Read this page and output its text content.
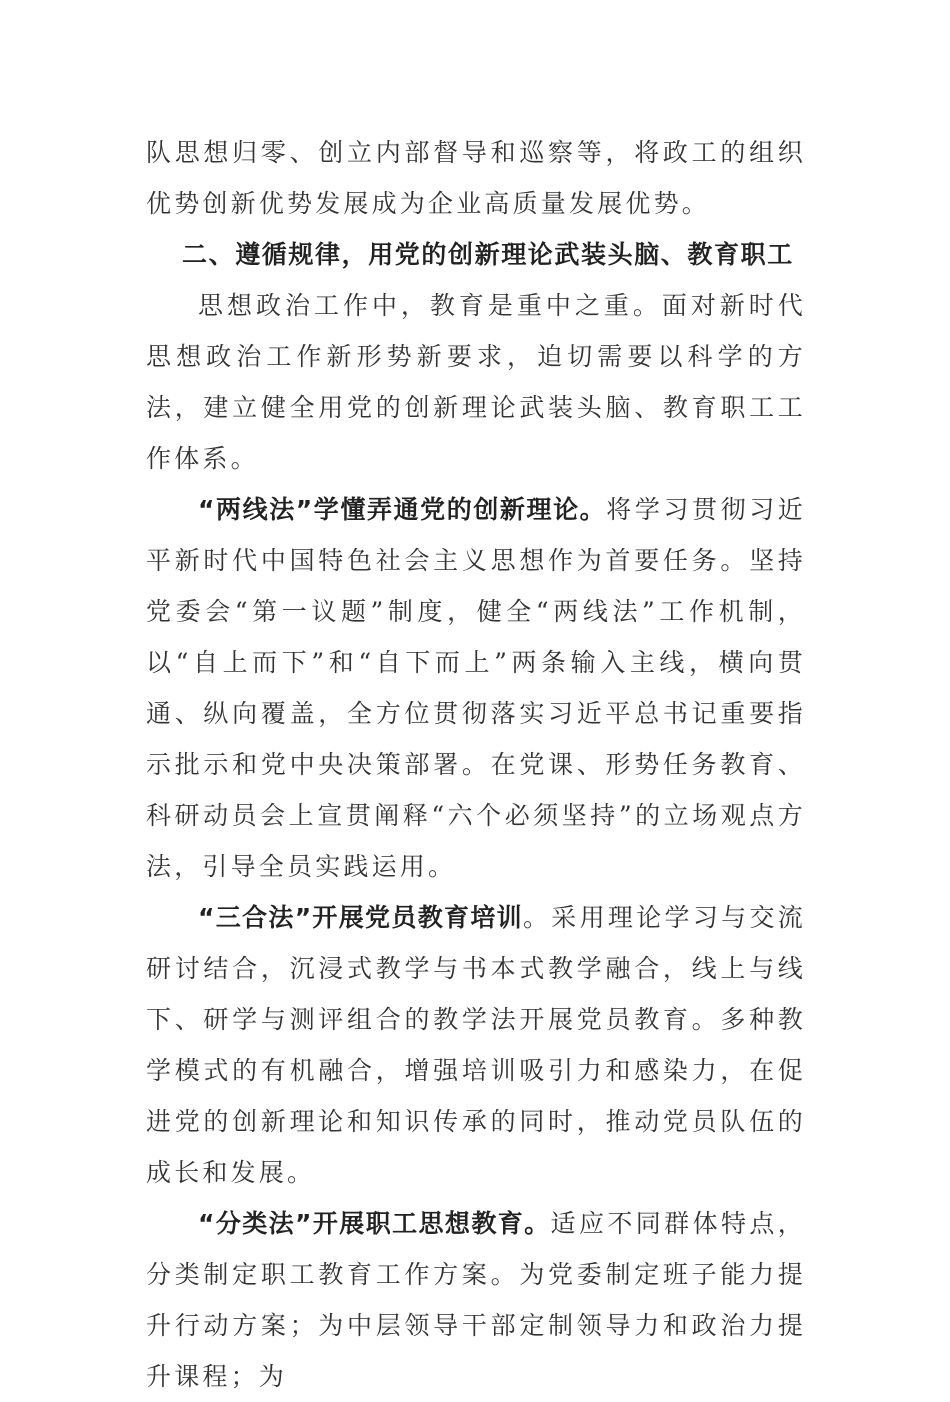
队思想归零、创立内部督导和巡察等，将政工的组织优势创新优势发展成为企业高质量发展优势。

二、遵循规律，用党的创新理论武装头脑、教育职工

思想政治工作中，教育是重中之重。面对新时代思想政治工作新形势新要求，迫切需要以科学的方法，建立健全用党的创新理论武装头脑、教育职工工作体系。

“两线法”学懂弄通党的创新理论。将学习贯彻习近平新时代中国特色社会主义思想作为首要任务。坚持党委会“第一议题”制度，健全“两线法”工作机制，以“自上而下”和“自下而上”两条输入主线，横向贯通、纵向覆盖，全方位贯彻落实习近平总书记重要指示批示和党中央决策部署。在党课、形势任务教育、科研动员会上宣贯阐释“六个必须坚持”的立场观点方法，引导全员实践运用。

“三合法”开展党员教育培训。采用理论学习与交流研讨结合，沉浸式教学与书本式教学融合，线上与线下、研学与测评组合的教学法开展党员教育。多种教学模式的有机融合，增强培训吸引力和感染力，在促进党的创新理论和知识传承的同时，推动党员队伍的成长和发展。

“分类法”开展职工思想教育。适应不同群体特点，分类制定职工教育工作方案。为党委制定班子能力提升行动方案；为中层领导干部定制领导力和政治力提升课程；为
